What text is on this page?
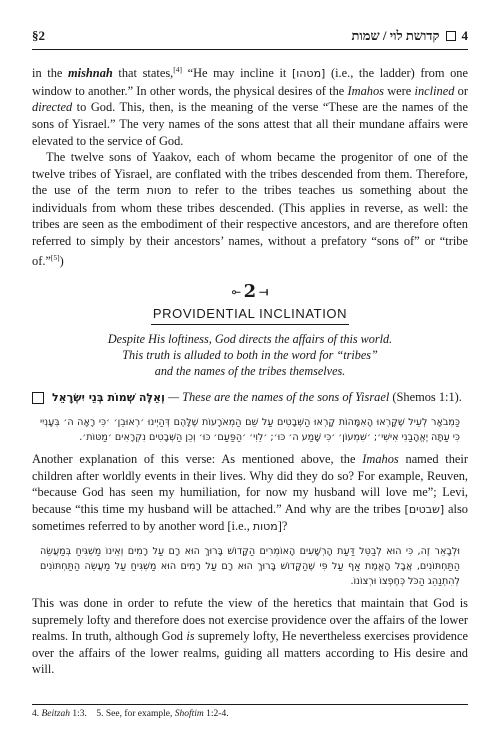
§2	4
קדושת לוי / שמות

in the mishnah that states,[4] “He may incline it [מטהו] (i.e., the ladder) from one window to another.” In other words, the physical desires of the Imahos were inclined or directed to God. This, then, is the meaning of the verse “These are the names of the sons of Yisrael.” The very names of the sons attest that all their mundane affairs were elevated to the service of God.

The twelve sons of Yaakov, each of whom became the progenitor of one of the twelve tribes of Yisrael, are conflated with the tribes descended from them. Therefore, the use of the term מטות to refer to the tribes teaches us something about the individuals from whom these tribes descended. (This applies in reverse, as well: the tribes are seen as the embodiment of their respective ancestors, and are therefore often referred to simply by their ancestors’ names, without a prefatory “sons of” or “tribe of.”[5])

⟜ 2 ⟞
PROVIDENTIAL INCLINATION
Despite His loftiness, God directs the affairs of this world.
This truth is alluded to both in the word for “tribes”
and the names of the tribes themselves.
וְאֵלֶּה שְׁמוֹת בְּנֵי יִשְׂרָאֵל — These are the names of the sons of Yisrael (Shemos 1:1).
כַּמְבֹאָר לְעֵיל שֶׁקָּרְאוּ הָאִמָּהוֹת קָרְאוּ הַשְּׁבָטִים עַל שֵׁם הַמְאֹרָעוֹת שֶׁלָּהֶם דְּהַיְינוּ ׳רְאוּבֵן׳ ׳כִּי רָאָה ה׳ בְּעָנְיִי כִּי עַתָּה יֶאֱהָבַנִי אִישִׁי׳; ׳שִׁמְעוֹן׳ ׳כִּי שָׁמַע ה׳ כּוּ׳; ׳לֵוִי׳ ׳הַפַּעַם׳ כּוּ׳ וְכֵן הַשְּׁבָטִים נִקְרָאִים ׳מַטּוֹת׳.

Another explanation of this verse: As mentioned above, the Imahos named their children after worldly events in their lives. Why did they do so? For example, Reuven, “because God has seen my humiliation, for now my husband will love me”; Levi, because “this time my husband will be attached.” And why are the tribes [שבטים] also sometimes referred to by another word [i.e., מטות]?

וּלְבָאֵר זֶה, כִּי הוּא לְבַטֵּל דַּעַת הָרְשָׁעִים הָאוֹמְרִים הַקָּדוֹשׁ בָּרוּךְ הוּא רָם עַל רָמִים וְאֵינוֹ מַשְׁגִּיחַ בְּמַעֲשֵׂה הַתַּחְתּוֹנִים, אֲבָל הָאֱמֶת אַף עַל פִּי שֶׁהַקָּדוֹשׁ בָּרוּךְ הוּא רָם עַל רָמִים הוּא מַשְׁגִּיחַ עַל מַעֲשֵׂה הַתַּחְתּוֹנִים לְהִתְנַהֵג הַכֹּל כְּחֶפְצוֹ וּרְצוֹנוֹ.

This was done in order to refute the view of the heretics that maintain that God is supremely lofty and therefore does not exercise providence over the affairs of the lower realms. In truth, although God is supremely lofty, He nevertheless exercises providence over the affairs of the lower realms, guiding all matters according to His desire and will.

4. Beitzah 1:3. 5. See, for example, Shoftim 1:2-4.
